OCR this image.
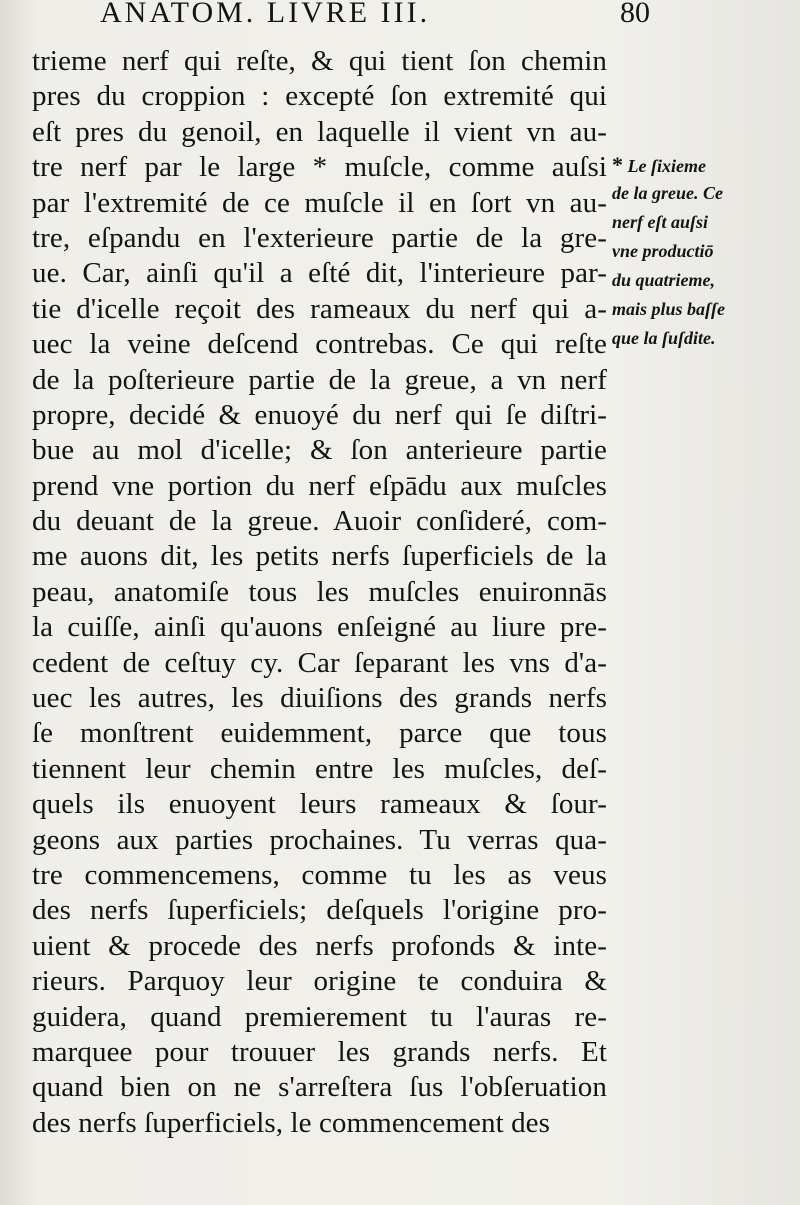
ANATOM. LIVRE III.	80
trieme nerf qui reſte, & qui tient ſon chemin
pres du croppion : excepté ſon extremité qui
eſt pres du genoil, en laquelle il vient vn au-
tre nerf par le large * muſcle, comme auſsi
par l'extremité de ce muſcle il en ſort vn au-
tre, eſpandu en l'exterieure partie de la gre-
ue. Car, ainſi qu'il a eſté dit, l'interieure par-
tie d'icelle reçoit des rameaux du nerf qui a-
uec la veine deſcend contrebas. Ce qui reſte
de la poſterieure partie de la greue, a vn nerf
propre, decidé & enuoyé du nerf qui ſe diſtri-
bue au mol d'icelle; & ſon anterieure partie
prend vne portion du nerf eſpādu aux muſcles
du deuant de la greue. Auoir conſideré, com-
me auons dit, les petits nerfs ſuperficiels de la
peau, anatomiſe tous les muſcles enuironnās
la cuiſſe, ainſi qu'auons enſeigné au liure pre-
cedent de ceſtuy cy. Car ſeparant les vns d'a-
uec les autres, les diuiſions des grands nerfs
ſe monſtrent euidemment, parce que tous
tiennent leur chemin entre les muſcles, deſ-
quels ils enuoyent leurs rameaux & ſour-
geons aux parties prochaines. Tu verras qua-
tre commencemens, comme tu les as veus
des nerfs ſuperficiels; deſquels l'origine pro-
uient & procede des nerfs profonds & inte-
rieurs. Parquoy leur origine te conduira &
guidera, quand premierement tu l'auras re-
marquee pour trouuer les grands nerfs. Et
quand bien on ne s'arreſtera ſus l'obſeruation
des nerfs ſuperficiels, le commencement des
* Le ſixieme
de la greue. Ce
nerf eſt auſsi
vne productiō
du quatrieme,
mais plus baſſe
que la ſuſdite.
